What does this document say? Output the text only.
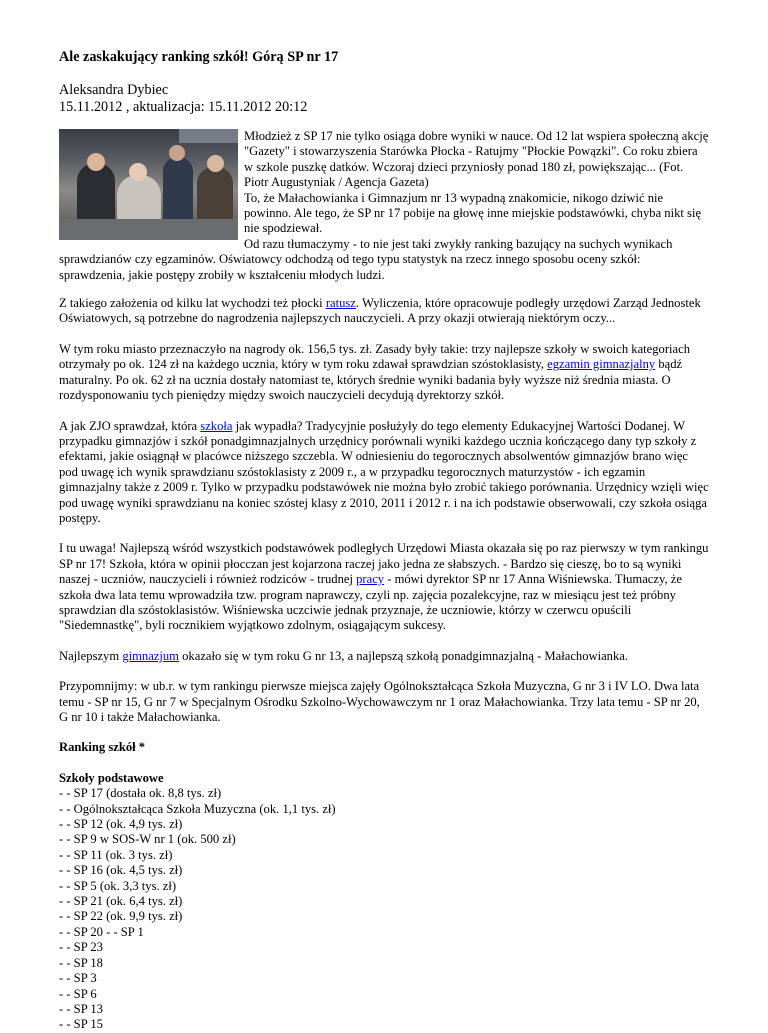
Ale zaskakujący ranking szkół! Górą SP nr 17
Aleksandra Dybiec
15.11.2012 , aktualizacja: 15.11.2012 20:12
Młodzież z SP 17 nie tylko osiąga dobre wyniki w nauce. Od 12 lat wspiera społeczną akcję "Gazety" i stowarzyszenia Starówka Płocka - Ratujmy "Płockie Powązki". Co roku zbiera w szkole puszkę datków. Wczoraj dzieci przyniosły ponad 180 zł, powiększając... (Fot. Piotr Augustyniak / Agencja Gazeta)
To, że Małachowianka i Gimnazjum nr 13 wypadną znakomicie, nikogo dziwić nie powinno. Ale tego, że SP nr 17 pobije na głowę inne miejskie podstawówki, chyba nikt się nie spodziewał.
Od razu tłumaczymy - to nie jest taki zwykły ranking bazujący na suchych wynikach sprawdzianów czy egzaminów. Oświatowcy odchodzą od tego typu statystyk na rzecz innego sposobu oceny szkół: sprawdzenia, jakie postępy zrobiły w kształceniu młodych ludzi.

Z takiego założenia od kilku lat wychodzi też płocki ratusz. Wyliczenia, które opracowuje podległy urzędowi Zarząd Jednostek Oświatowych, są potrzebne do nagrodzenia najlepszych nauczycieli. A przy okazji otwierają niektórym oczy...

W tym roku miasto przeznaczyło na nagrody ok. 156,5 tys. zł. Zasady były takie: trzy najlepsze szkoły w swoich kategoriach otrzymały po ok. 124 zł na każdego ucznia, który w tym roku zdawał sprawdzian szóstoklasisty, egzamin gimnazjalny bądź maturalny. Po ok. 62 zł na ucznia dostały natomiast te, których średnie wyniki badania były wyższe niż średnia miasta. O rozdysponowaniu tych pieniędzy między swoich nauczycieli decydują dyrektorzy szkół.

A jak ZJO sprawdzał, która szkoła jak wypadła? Tradycyjnie posłużyły do tego elementy Edukacyjnej Wartości Dodanej. W przypadku gimnazjów i szkół ponadgimnazjalnych urzędnicy porównali wyniki każdego ucznia kończącego dany typ szkoły z efektami, jakie osiągnął w placówce niższego szczebla. W odniesieniu do tegorocznych absolwentów gimnazjów brano więc pod uwagę ich wynik sprawdzianu szóstoklasisty z 2009 r., a w przypadku tegorocznych maturzystów - ich egzamin gimnazjalny także z 2009 r. Tylko w przypadku podstawówek nie można było zrobić takiego porównania. Urzędnicy wzięli więc pod uwagę wyniki sprawdzianu na koniec szóstej klasy z 2010, 2011 i 2012 r. i na ich podstawie obserwowali, czy szkoła osiąga postępy.

I tu uwaga! Najlepszą wśród wszystkich podstawówek podległych Urzędowi Miasta okazała się po raz pierwszy w tym rankingu SP nr 17! Szkoła, która w opinii płocczan jest kojarzona raczej jako jedna ze słabszych. - Bardzo się cieszę, bo to są wyniki naszej - uczniów, nauczycieli i również rodziców - trudnej pracy - mówi dyrektor SP nr 17 Anna Wiśniewska. Tłumaczy, że szkoła dwa lata temu wprowadziła tzw. program naprawczy, czyli np. zajęcia pozalekcyjne, raz w miesiącu jest też próbny sprawdzian dla szóstoklasistów. Wiśniewska uczciwie jednak przyznaje, że uczniowie, którzy w czerwcu opuścili "Siedemnastkę", byli rocznikiem wyjątkowo zdolnym, osiągającym sukcesy.

Najlepszym gimnazjum okazało się w tym roku G nr 13, a najlepszą szkołą ponadgimnazjalną - Małachowianka.

Przypomnijmy: w ub.r. w tym rankingu pierwsze miejsca zajęły Ogólnokształcąca Szkoła Muzyczna, G nr 3 i IV LO. Dwa lata temu - SP nr 15, G nr 7 w Specjalnym Ośrodku Szkolno-Wychowawczym nr 1 oraz Małachowianka. Trzy lata temu - SP nr 20, G nr 10 i także Małachowianka.

Ranking szkół *
Szkoły podstawowe
- - SP 17 (dostała ok. 8,8 tys. zł)
- - Ogólnokształcąca Szkoła Muzyczna (ok. 1,1 tys. zł)
- - SP 12 (ok. 4,9 tys. zł)
- - SP 9 w SOS-W nr 1 (ok. 500 zł)
- - SP 11 (ok. 3 tys. zł)
- - SP 16 (ok. 4,5 tys. zł)
- - SP 5 (ok. 3,3 tys. zł)
- - SP 21 (ok. 6,4 tys. zł)
- - SP 22 (ok. 9,9 tys. zł)
- - SP 20 - - SP 1
- - SP 23
- - SP 18
- - SP 3
- - SP 6
- - SP 13
- - SP 15
